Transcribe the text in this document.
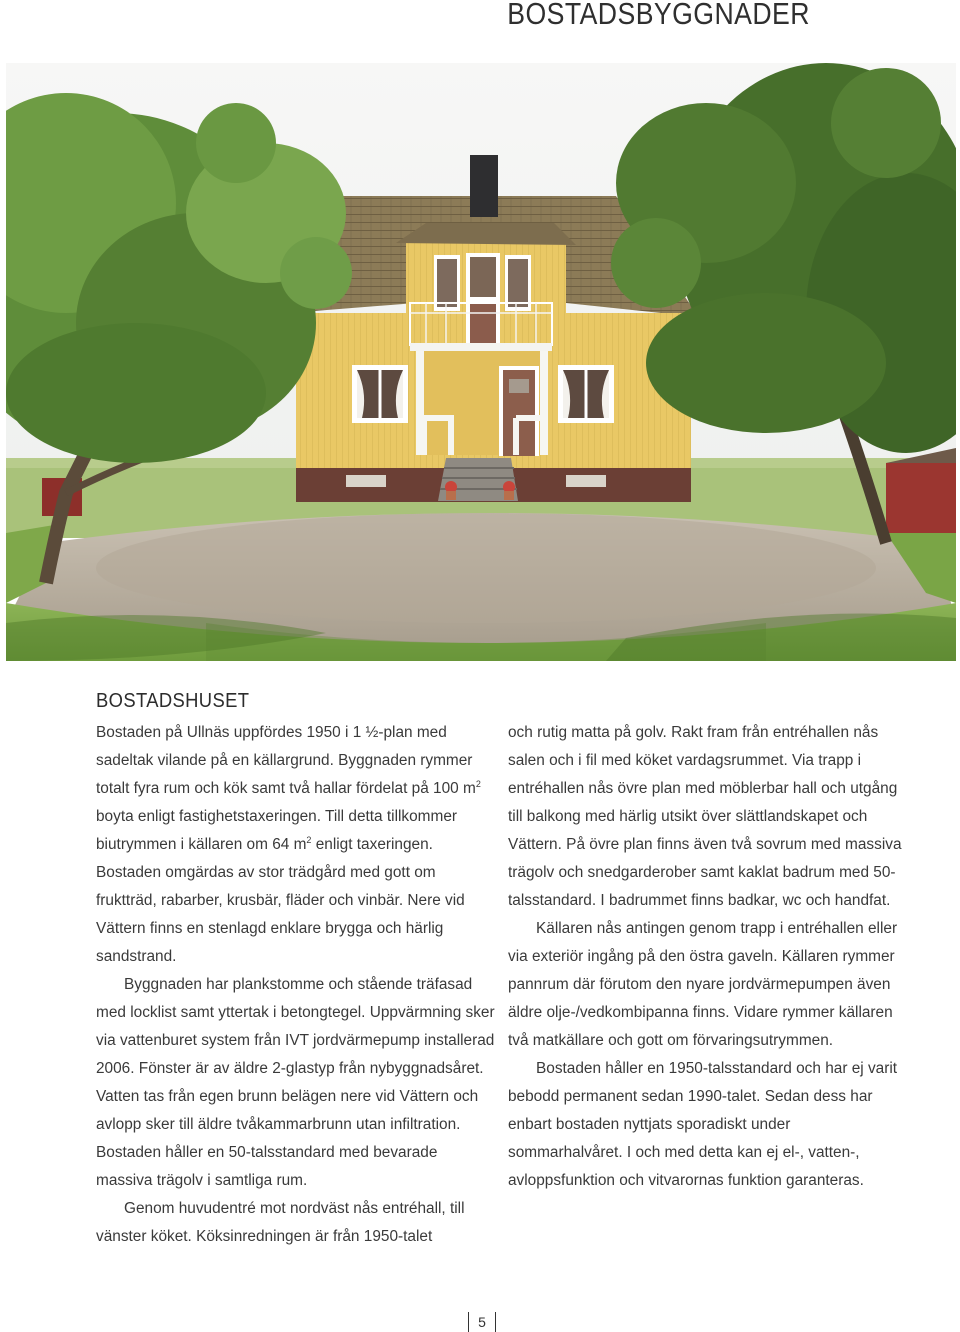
BOSTADSBYGGNADER
BOSTADSHUSET

Bostaden på Ullnäs uppfördes 1950 i 1 ½-plan med sadeltak vilande på en källargrund. Byggnaden rymmer totalt fyra rum och kök samt två hallar fördelat på 100 $m^2$ boyta enligt fastighetstaxeringen. Till detta tillkommer biutrymmen i källaren om 64 $m^2$ enligt taxeringen. Bostaden omgärdas av stor trädgård med gott om fruktträd, rabarber, krusbär, fläder och vinbär. Nere vid Vättern finns en stenlagd enklare brygga och härlig sandstrand.

Byggnaden har plankstomme och stående träfasad med locklist samt yttertak i betongtegel. Uppvärmning sker via vattenburet system från IVT jordvärmepump installerad 2006. Fönster är av äldre 2-glastyp från nybyggnadsåret. Vatten tas från egen brunn belägen nere vid Vättern och avlopp sker till äldre tvåkammarbrunn utan infiltration. Bostaden håller en 50-talsstandard med bevarade massiva trägolv i samtliga rum.

Genom huvudentré mot nordväst nås entréhall, till vänster köket. Köksinredningen är från 1950-talet

och rutig matta på golv. Rakt fram från entréhallen nås salen och i fil med köket vardagsrummet. Via trapp i entréhallen nås övre plan med möblerbar hall och utgång till balkong med härlig utsikt över slättlandskapet och Vättern. På övre plan finns även två sovrum med massiva trägolv och snedgarderober samt kaklat badrum med 50-talsstandard. I badrummet finns badkar, wc och handfat.

Källaren nås antingen genom trapp i entréhallen eller via exteriör ingång på den östra gaveln. Källaren rymmer pannrum där förutom den nyare jordvärmepumpen även äldre olje-/vedkombipanna finns. Vidare rymmer källaren två matkällare och gott om förvaringsutrymmen.

Bostaden håller en 1950-talsstandard och har ej varit bebodd permanent sedan 1990-talet. Sedan dess har enbart bostaden nyttjats sporadiskt under sommarhalvåret. I och med detta kan ej el-, vatten-, avloppsfunktion och vitvarornas funktion garanteras.

5
